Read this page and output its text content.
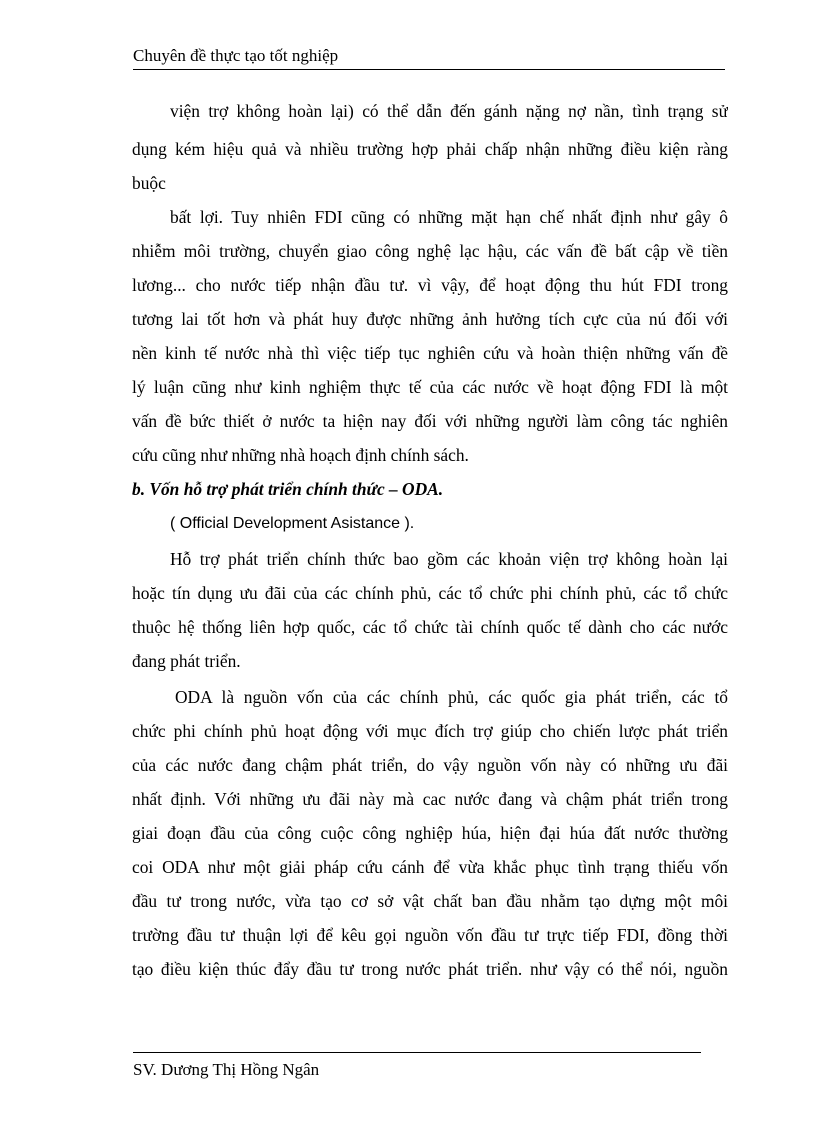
Chuyên đề thực tạo tốt nghiệp
viện trợ không hoàn lại) có thể dẫn đến gánh nặng nợ nần, tình trạng sử
dụng kém hiệu quả và nhiều trường hợp phải chấp nhận những điều kiện ràng
buộc
bất lợi. Tuy nhiên FDI cũng có những mặt hạn chế nhất định như gây ô
nhiễm môi trường, chuyển giao công nghệ lạc hậu, các vấn đề bất cập về tiền
lương... cho nước tiếp nhận đầu tư. vì vậy, để hoạt động thu hút FDI trong
tương lai tốt hơn và phát huy được những ảnh hưởng tích cực của nú đối với
nền kinh tế nước nhà thì việc tiếp tục nghiên cứu và hoàn thiện những vấn đề
lý luận cũng như kinh nghiệm thực tế của các nước về hoạt động FDI là một
vấn đề bức thiết ở nước ta hiện nay đối với những người làm công tác nghiên
cứu cũng như những nhà hoạch định chính sách.
b. Vốn hỗ trợ phát triển chính thức – ODA.
( Official Development Asistance ).
Hỗ trợ phát triển chính thức bao gồm các khoản viện trợ không hoàn lại
hoặc tín dụng ưu đãi của các chính phủ, các tổ chức phi chính phủ, các tổ chức
thuộc hệ thống liên hợp quốc, các tổ chức tài chính quốc tế dành cho các nước
đang phát triển.
ODA là nguồn vốn của các chính phủ, các quốc gia phát triển, các tổ
chức phi chính phủ hoạt động với mục đích trợ giúp cho chiến lược phát triển
của các nước đang chậm phát triển, do vậy nguồn vốn này có những ưu đãi
nhất định. Với những ưu đãi này mà cac nước đang và chậm phát triển trong
giai đoạn đầu của công cuộc công nghiệp húa, hiện đại húa đất nước thường
coi ODA như một giải pháp cứu cánh để vừa khắc phục tình trạng thiếu vốn
đầu tư trong nước, vừa tạo cơ sở vật chất ban đầu nhằm tạo dựng một môi
trường đầu tư thuận lợi để kêu gọi nguồn vốn đầu tư trực tiếp FDI, đồng thời
tạo điều kiện thúc đẩy đầu tư trong nước phát triển. như vậy có thể nói, nguồn
SV. Dương Thị Hồng Ngân
